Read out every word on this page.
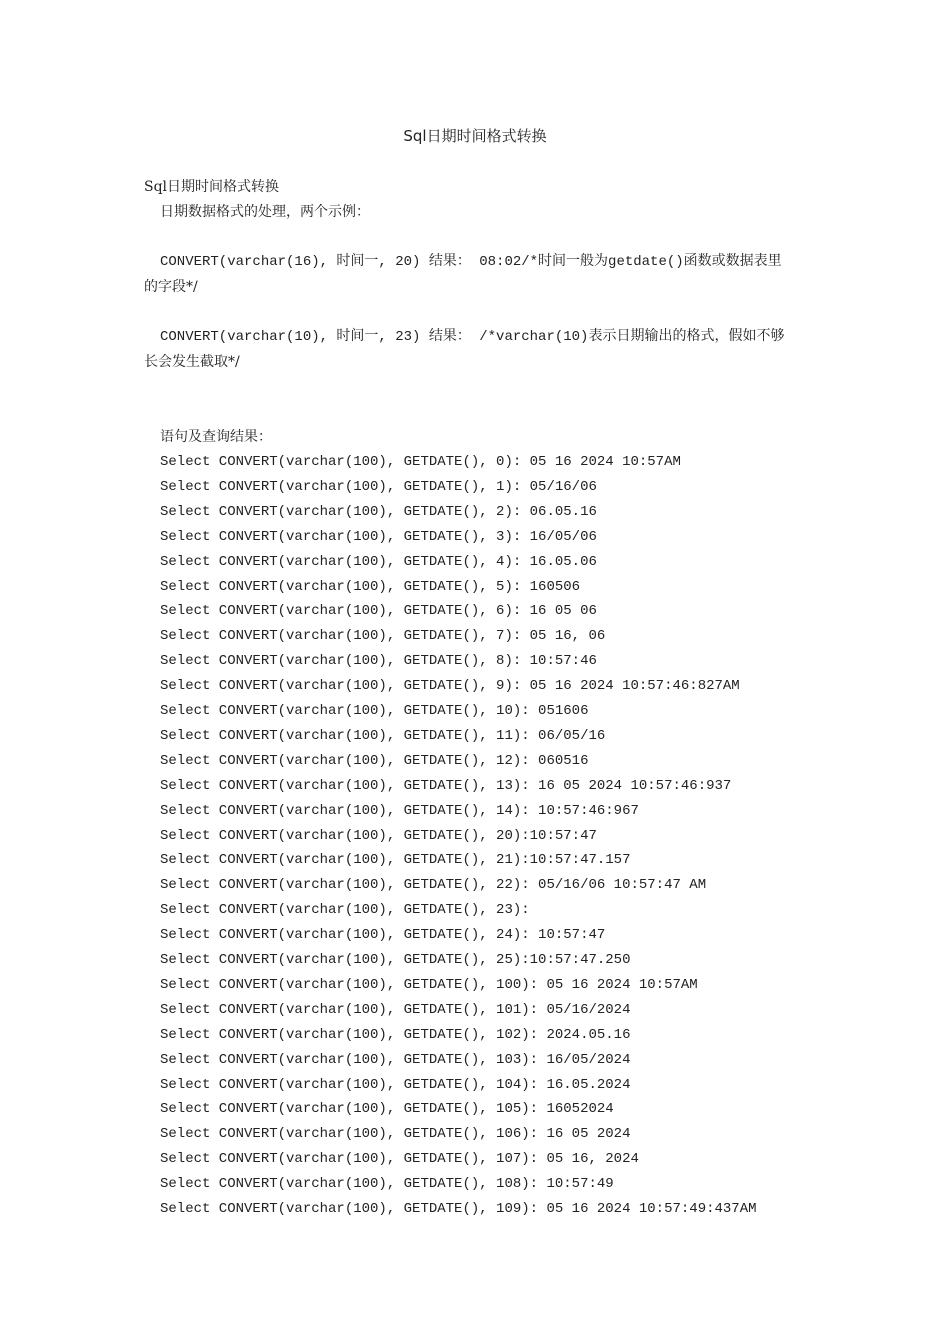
Sql日期时间格式转换
Sql日期时间格式转换
日期数据格式的处理，两个示例：
CONVERT(varchar(16), 时间一, 20) 结果： 08:02/*时间一般为getdate()函数或数据表里
的字段*/
CONVERT(varchar(10), 时间一, 23) 结果： /*varchar(10)表示日期输出的格式，假如不够
长会发生截取*/
语句及查询结果：
Select CONVERT(varchar(100), GETDATE(), 0): 05 16 2024 10:57AM
Select CONVERT(varchar(100), GETDATE(), 1): 05/16/06
Select CONVERT(varchar(100), GETDATE(), 2): 06.05.16
Select CONVERT(varchar(100), GETDATE(), 3): 16/05/06
Select CONVERT(varchar(100), GETDATE(), 4): 16.05.06
Select CONVERT(varchar(100), GETDATE(), 5): 160506
Select CONVERT(varchar(100), GETDATE(), 6): 16 05 06
Select CONVERT(varchar(100), GETDATE(), 7): 05 16, 06
Select CONVERT(varchar(100), GETDATE(), 8): 10:57:46
Select CONVERT(varchar(100), GETDATE(), 9): 05 16 2024 10:57:46:827AM
Select CONVERT(varchar(100), GETDATE(), 10): 051606
Select CONVERT(varchar(100), GETDATE(), 11): 06/05/16
Select CONVERT(varchar(100), GETDATE(), 12): 060516
Select CONVERT(varchar(100), GETDATE(), 13): 16 05 2024 10:57:46:937
Select CONVERT(varchar(100), GETDATE(), 14): 10:57:46:967
Select CONVERT(varchar(100), GETDATE(), 20):10:57:47
Select CONVERT(varchar(100), GETDATE(), 21):10:57:47.157
Select CONVERT(varchar(100), GETDATE(), 22): 05/16/06 10:57:47 AM
Select CONVERT(varchar(100), GETDATE(), 23):
Select CONVERT(varchar(100), GETDATE(), 24): 10:57:47
Select CONVERT(varchar(100), GETDATE(), 25):10:57:47.250
Select CONVERT(varchar(100), GETDATE(), 100): 05 16 2024 10:57AM
Select CONVERT(varchar(100), GETDATE(), 101): 05/16/2024
Select CONVERT(varchar(100), GETDATE(), 102): 2024.05.16
Select CONVERT(varchar(100), GETDATE(), 103): 16/05/2024
Select CONVERT(varchar(100), GETDATE(), 104): 16.05.2024
Select CONVERT(varchar(100), GETDATE(), 105): 16052024
Select CONVERT(varchar(100), GETDATE(), 106): 16 05 2024
Select CONVERT(varchar(100), GETDATE(), 107): 05 16, 2024
Select CONVERT(varchar(100), GETDATE(), 108): 10:57:49
Select CONVERT(varchar(100), GETDATE(), 109): 05 16 2024 10:57:49:437AM
